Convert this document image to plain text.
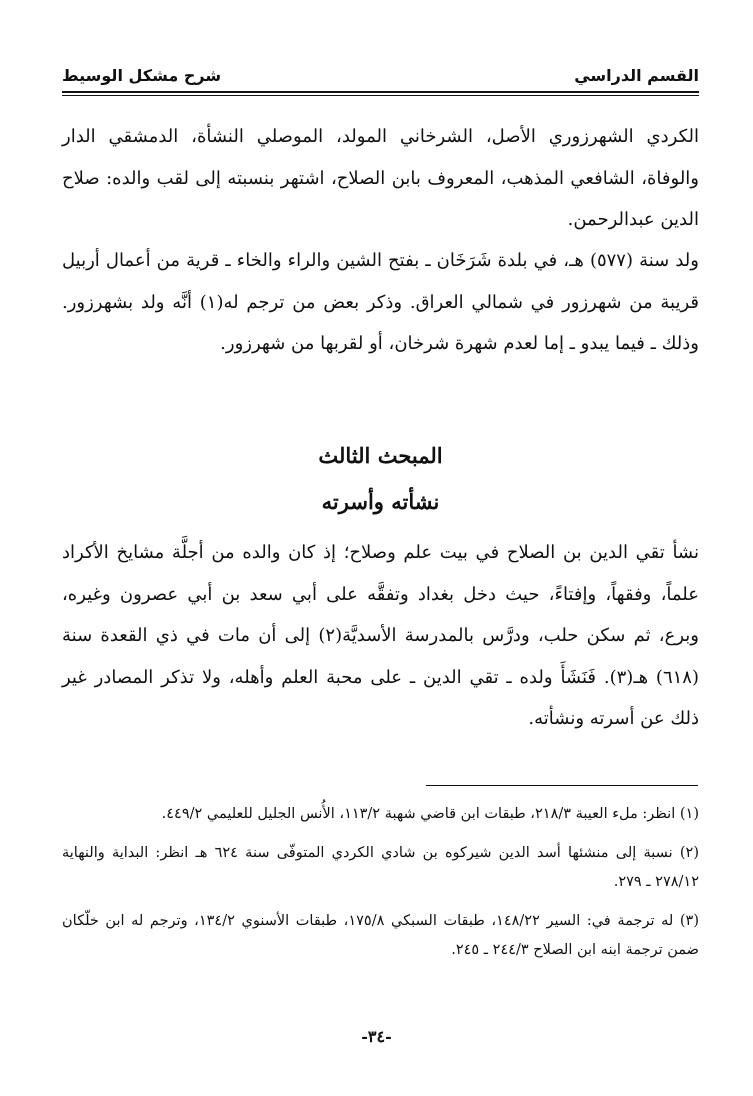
القسم الدراسي
شرح مشكل الوسيط

الكردي الشهرزوري الأصل، الشرخاني المولد، الموصلي النشأة، الدمشقي الدار والوفاة، الشافعي المذهب، المعروف بابن الصلاح، اشتهر بنسبته إلى لقب والده: صلاح الدين عبدالرحمن.

ولد سنة (٥٧٧) هـ، في بلدة شَرَخَان ـ بفتح الشين والراء والخاء ـ قرية من أعمال أربيل قريبة من شهرزور في شمالي العراق. وذكر بعض من ترجم له(١) أنَّه ولد بشهرزور. وذلك ـ فيما يبدو ـ إما لعدم شهرة شرخان، أو لقربها من شهرزور.

المبحث الثالث
نشأته وأسرته

نشأ تقي الدين بن الصلاح في بيت علم وصلاح؛ إذ كان والده من أجلَّة مشايخ الأكراد علماً، وفقهاً، وإفتاءً، حيث دخل بغداد وتفقَّه على أبي سعد بن أبي عصرون وغيره، وبرع، ثم سكن حلب، ودرَّس بالمدرسة الأسديَّة(٢) إلى أن مات في ذي القعدة سنة (٦١٨) هـ(٣). فَنَشَأَ ولده ـ تقي الدين ـ على محبة العلم وأهله، ولا تذكر المصادر غير ذلك عن أسرته ونشأته.

(١) انظر: ملء العيبة ٢١٨/٣، طبقات ابن قاضي شهبة ١١٣/٢، الأُنس الجليل للعليمي ٤٤٩/٢.

(٢) نسبة إلى منشئها أسد الدين شيركوه بن شادي الكردي المتوفّى سنة ٦٢٤ هـ انظر: البداية والنهاية ٢٧٨/١٢ ـ ٢٧٩.

(٣) له ترجمة في: السير ١٤٨/٢٢، طبقات السبكي ١٧٥/٨، طبقات الأسنوي ١٣٤/٢، وترجم له ابن خلّكان ضمن ترجمة ابنه ابن الصلاح ٢٤٤/٣ ـ ٢٤٥.

-٣٤-
